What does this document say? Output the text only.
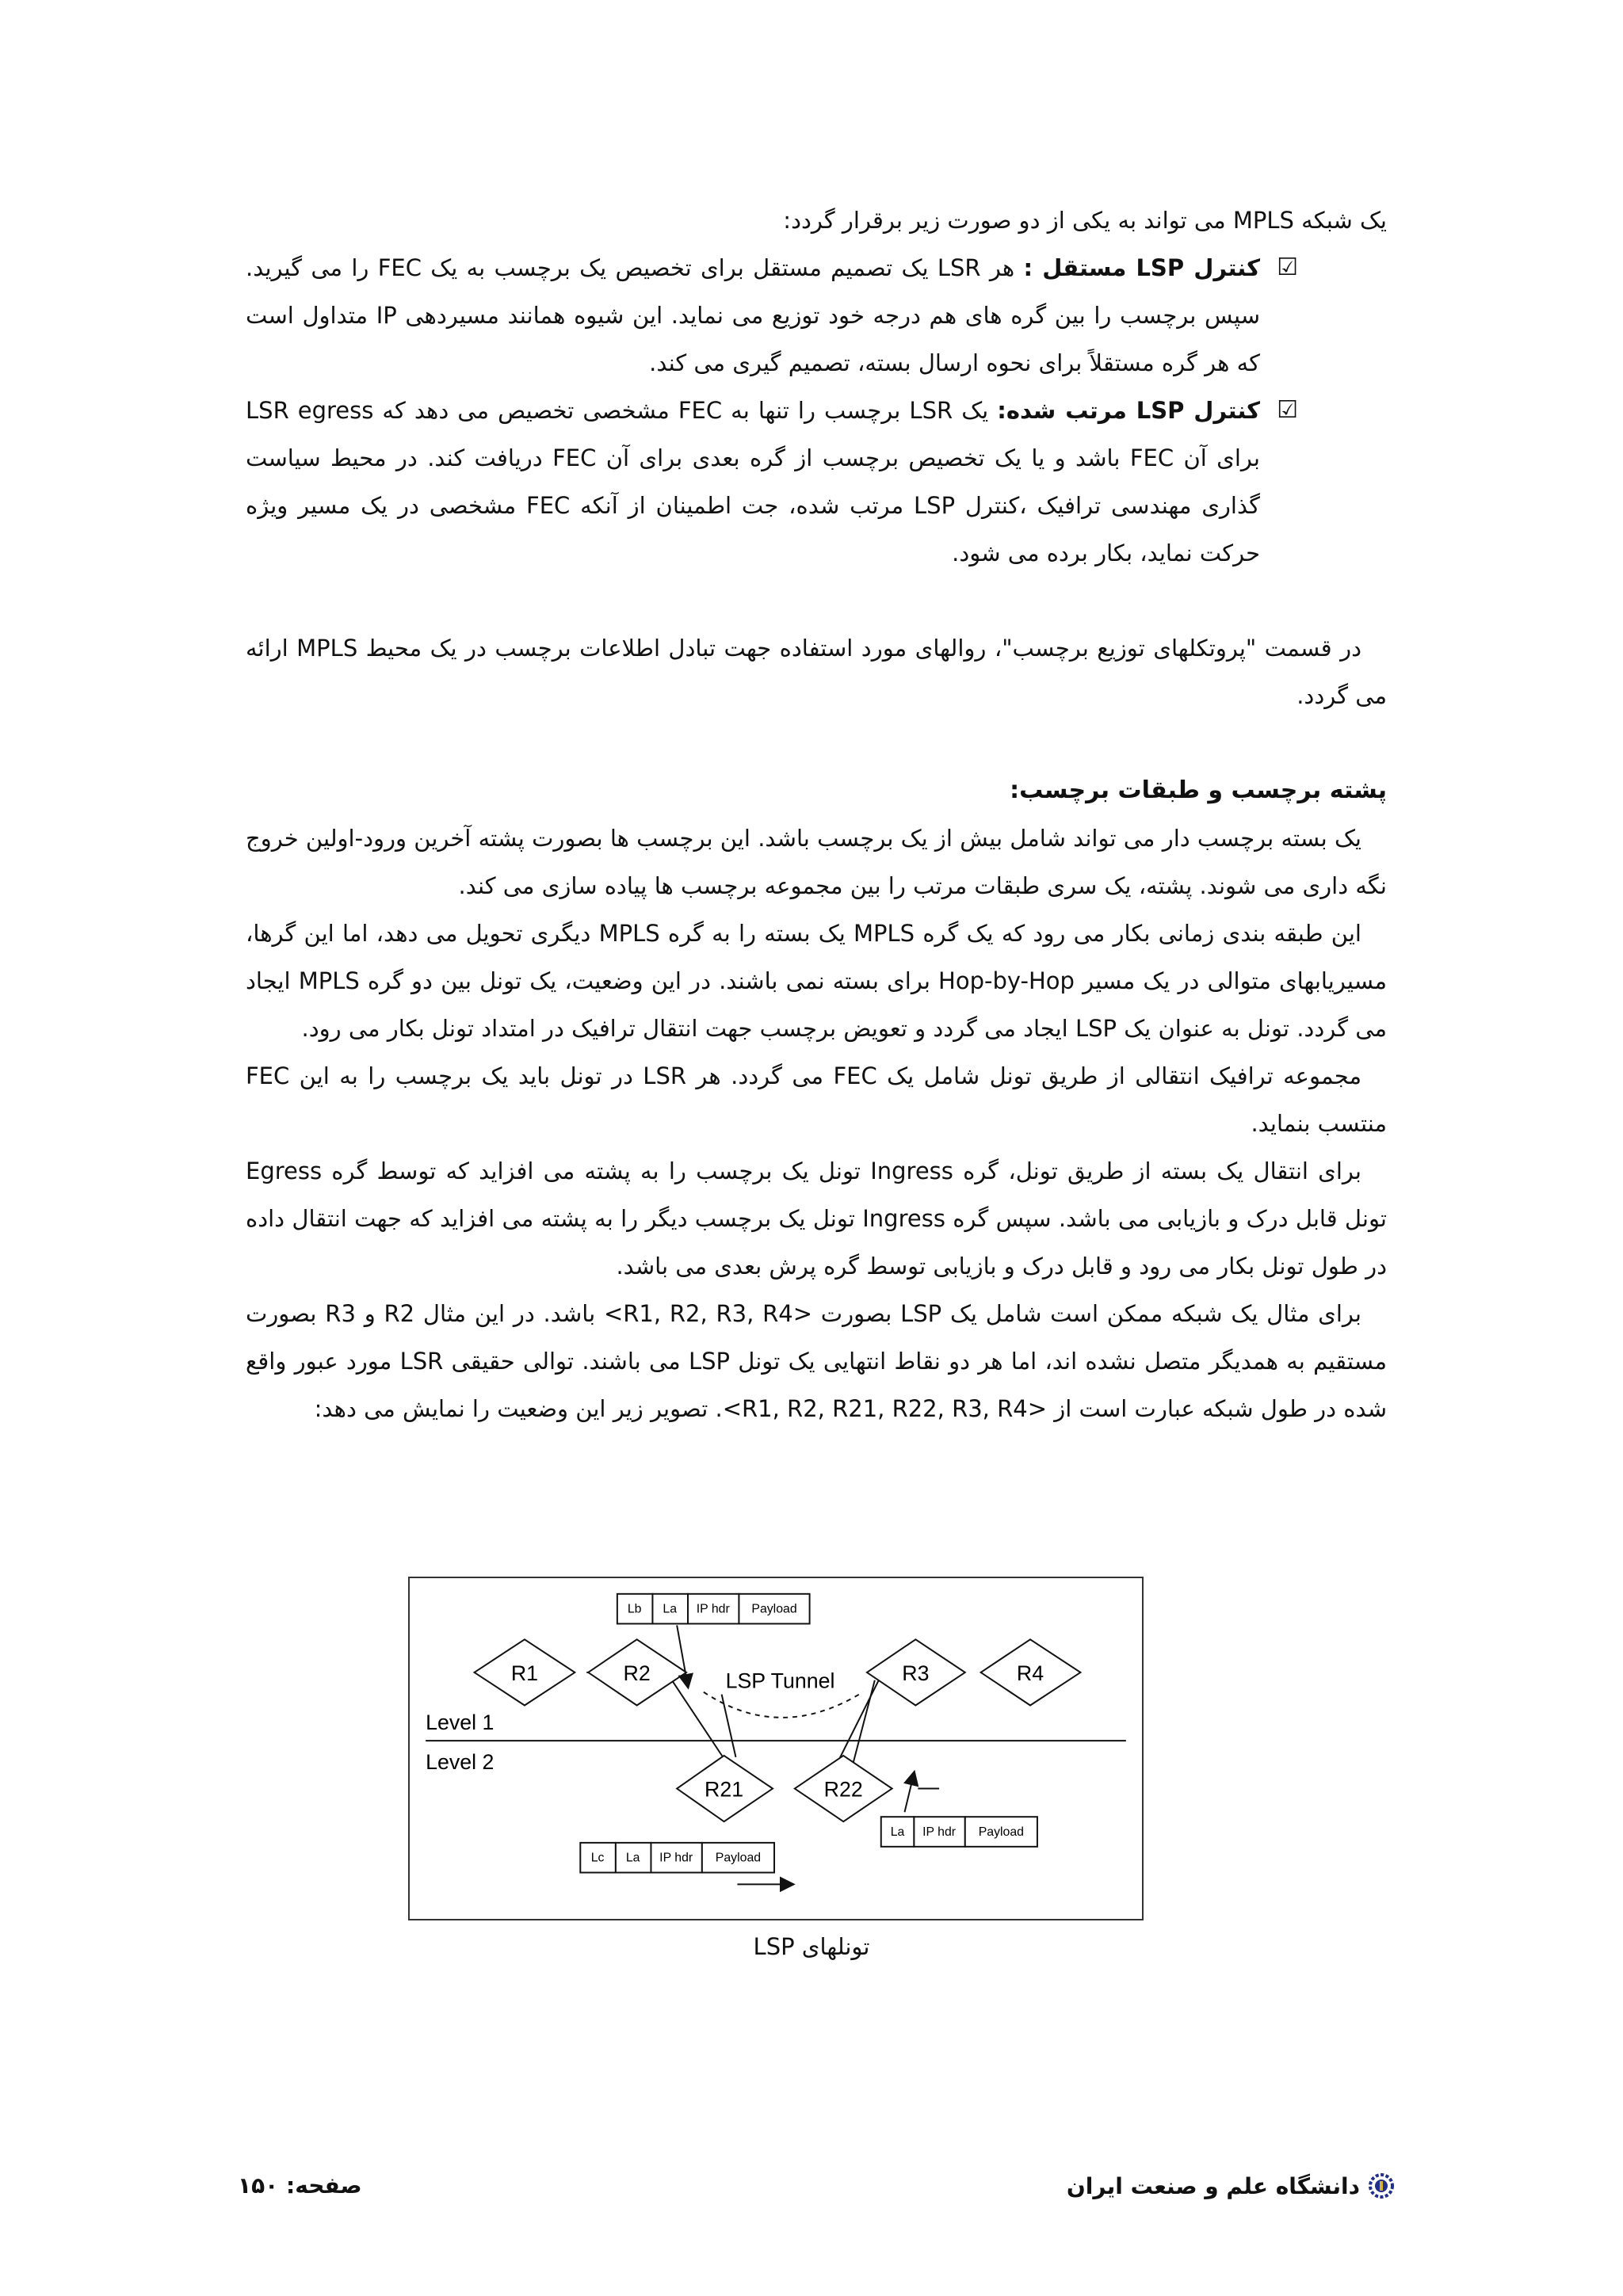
یک شبکه MPLS می تواند به یکی از دو صورت زیر برقرار گردد:

☑
کنترل LSP مستقل : هر LSR یک تصمیم مستقل برای تخصیص یک برچسب به یک FEC را می گیرید. سپس برچسب را بین گره های هم درجه خود توزیع می نماید. این شیوه همانند مسیردهی IP متداول است که هر گره مستقلاً برای نحوه ارسال بسته، تصمیم گیری می کند.
☑
کنترل LSP مرتب شده: یک LSR برچسب را تنها به FEC مشخصی تخصیص می دهد که LSR egress برای آن FEC باشد و یا یک تخصیص برچسب از گره بعدی برای آن FEC دریافت کند. در محیط سیاست گذاری مهندسی ترافیک ،کنترل LSP مرتب شده، جت اطمینان از آنکه FEC مشخصی در یک مسیر ویژه حرکت نماید، بکار برده می شود.

در قسمت "پروتکلهای توزیع برچسب"، روالهای مورد استفاده جهت تبادل اطلاعات برچسب در یک محیط MPLS ارائه می گردد.

پشته برچسب و طبقات برچسب:

یک بسته برچسب دار می تواند شامل بیش از یک برچسب باشد. این برچسب ها بصورت پشته آخرین ورود-اولین خروج نگه داری می شوند. پشته، یک سری طبقات مرتب را بین مجموعه برچسب ها پیاده سازی می کند.

این طبقه بندی زمانی بکار می رود که یک گره MPLS یک بسته را به گره MPLS دیگری تحویل می دهد، اما این گرها، مسیریابهای متوالی در یک مسیر Hop-by-Hop برای بسته نمی باشند. در این وضعیت، یک تونل بین دو گره MPLS ایجاد می گردد. تونل به عنوان یک LSP ایجاد می گردد و تعویض برچسب جهت انتقال ترافیک در امتداد تونل بکار می رود.

مجموعه ترافیک انتقالی از طریق تونل شامل یک FEC می گردد. هر LSR در تونل باید یک برچسب را به این FEC منتسب بنماید.

برای انتقال یک بسته از طریق تونل، گره Ingress تونل یک برچسب را به پشته می افزاید که توسط گره Egress تونل قابل درک و بازیابی می باشد. سپس گره Ingress تونل یک برچسب دیگر را به پشته می افزاید که جهت انتقال داده در طول تونل بکار می رود و قابل درک و بازیابی توسط گره پرش بعدی می باشد.

برای مثال یک شبکه ممکن است شامل یک LSP بصورت <R1, R2, R3, R4> باشد. در این مثال R2 و R3 بصورت مستقیم به همدیگر متصل نشده اند، اما هر دو نقاط انتهایی یک تونل LSP می باشند. توالی حقیقی LSR مورد عبور واقع شده در طول شبکه عبارت است از <R1, R2, R21, R22, R3, R4>. تصویر زیر این وضعیت را نمایش می دهد:

Level 1
Level 2
LSP Tunnel
R1	R2	R3	R4
R21	R22
Lb La IP hdr Payload
La IP hdr Payload
Lc La IP hdr Payload
تونلهای LSP
دانشگاه علم و صنعت ایران
صفحه: ۱۵۰
